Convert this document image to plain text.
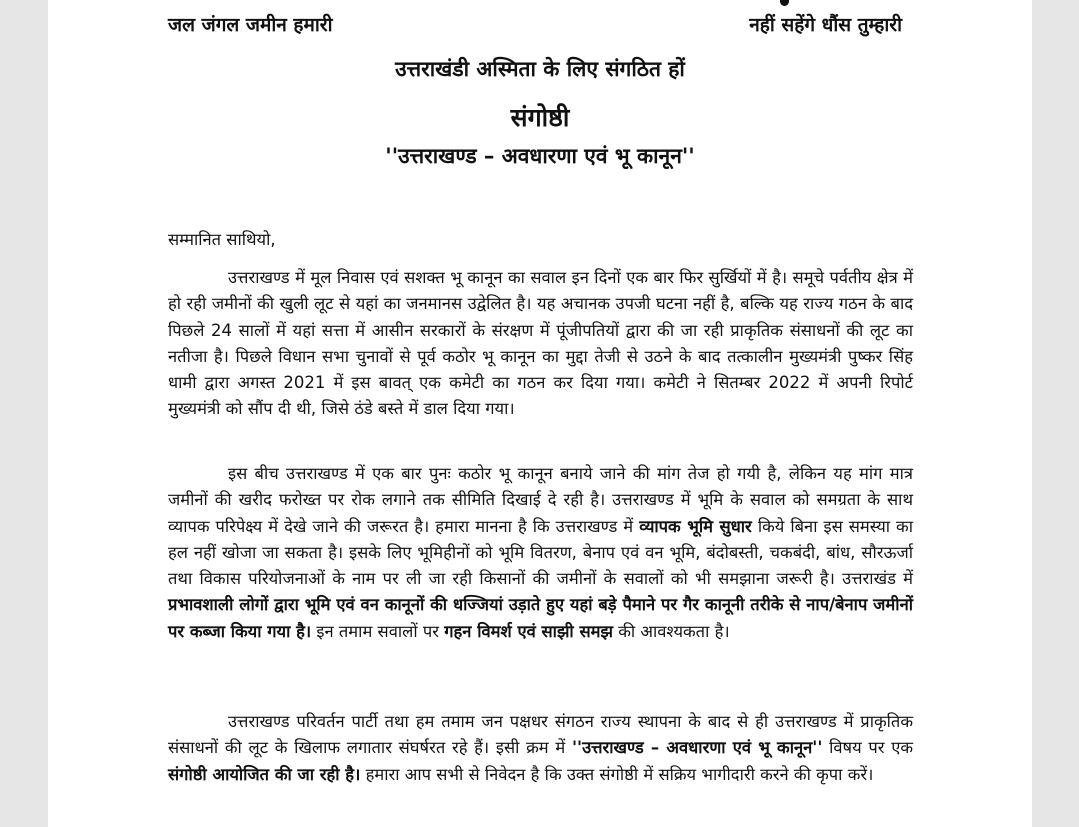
जल जंगल जमीन हमारी	नहीं सहेंगे धौंस तुम्हारी
उत्तराखंडी अस्मिता के लिए संगठित हों
संगोष्ठी
''उत्तराखण्ड – अवधारणा एवं भू कानून''
सम्मानित साथियो,

उत्तराखण्ड में मूल निवास एवं सशक्त भू कानून का सवाल इन दिनों एक बार फिर सुर्खियों में है। समूचे पर्वतीय क्षेत्र में हो रही जमीनों की खुली लूट से यहां का जनमानस उद्वेलित है। यह अचानक उपजी घटना नहीं है, बल्कि यह राज्य गठन के बाद पिछले 24 सालों में यहां सत्ता में आसीन सरकारों के संरक्षण में पूंजीपतियों द्वारा की जा रही प्राकृतिक संसाधनों की लूट का नतीजा है। पिछले विधान सभा चुनावों से पूर्व कठोर भू कानून का मुद्दा तेजी से उठने के बाद तत्कालीन मुख्यमंत्री पुष्कर सिंह धामी द्वारा अगस्त 2021 में इस बावत् एक कमेटी का गठन कर दिया गया। कमेटी ने सितम्बर 2022 में अपनी रिपोर्ट मुख्यमंत्री को सौंप दी थी, जिसे ठंडे बस्ते में डाल दिया गया।

इस बीच उत्तराखण्ड में एक बार पुनः कठोर भू कानून बनाये जाने की मांग तेज हो गयी है, लेकिन यह मांग मात्र जमीनों की खरीद फरोख्त पर रोक लगाने तक सीमिति दिखाई दे रही है। उत्तराखण्ड में भूमि के सवाल को समग्रता के साथ व्यापक परिपेक्ष्य में देखे जाने की जरूरत है। हमारा मानना है कि उत्तराखण्ड में व्यापक भूमि सुधार किये बिना इस समस्या का हल नहीं खोजा जा सकता है। इसके लिए भूमिहीनों को भूमि वितरण, बेनाप एवं वन भूमि, बंदोबस्ती, चकबंदी, बांध, सौरऊर्जा तथा विकास परियोजनाओं के नाम पर ली जा रही किसानों की जमीनों के सवालों को भी समझाना जरूरी है। उत्तराखंड में प्रभावशाली लोगों द्वारा भूमि एवं वन कानूनों की धज्जियां उड़ाते हुए यहां बड़े पैमाने पर गैर कानूनी तरीके से नाप/बेनाप जमीनों पर कब्जा किया गया है। इन तमाम सवालों पर गहन विमर्श एवं साझी समझ की आवश्यकता है।

उत्तराखण्ड परिवर्तन पार्टी तथा हम तमाम जन पक्षधर संगठन राज्य स्थापना के बाद से ही उत्तराखण्ड में प्राकृतिक संसाधनों की लूट के खिलाफ लगातार संघर्षरत रहे हैं। इसी क्रम में ''उत्तराखण्ड – अवधारणा एवं भू कानून'' विषय पर एक संगोष्ठी आयोजित की जा रही है। हमारा आप सभी से निवेदन है कि उक्त संगोष्ठी में सक्रिय भागीदारी करने की कृपा करें।
